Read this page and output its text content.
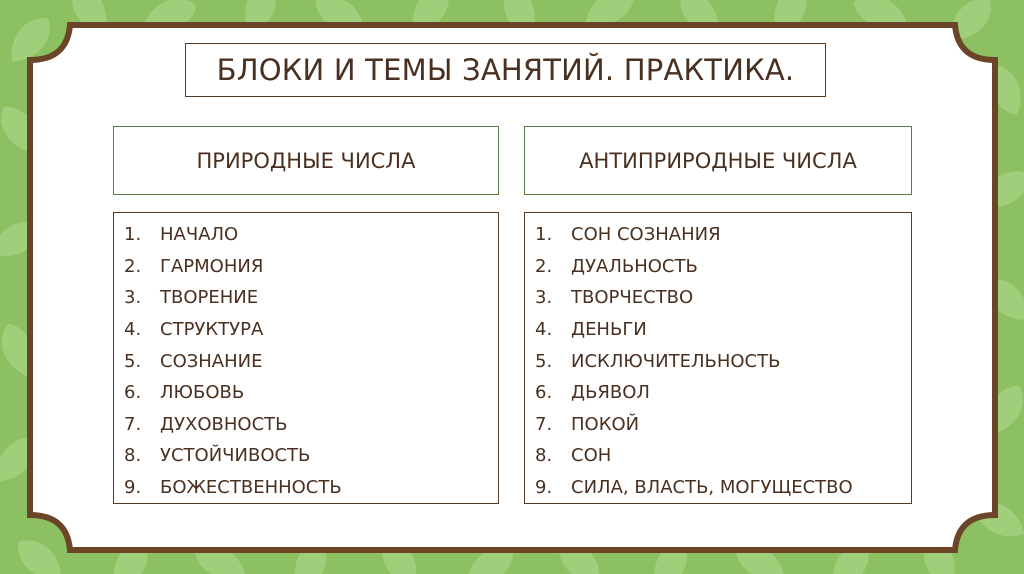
БЛОКИ И ТЕМЫ ЗАНЯТИЙ. ПРАКТИКА.
ПРИРОДНЫЕ ЧИСЛА	АНТИПРИРОДНЫЕ ЧИСЛА
1.	НАЧАЛО
2.	ГАРМОНИЯ
3.	ТВОРЕНИЕ
4.	СТРУКТУРА
5.	СОЗНАНИЕ
6.	ЛЮБОВЬ
7.	ДУХОВНОСТЬ
8.	УСТОЙЧИВОСТЬ
9.	БОЖЕСТВЕННОСТЬ
1.	СОН СОЗНАНИЯ
2.	ДУАЛЬНОСТЬ
3.	ТВОРЧЕСТВО
4.	ДЕНЬГИ
5.	ИСКЛЮЧИТЕЛЬНОСТЬ
6.	ДЬЯВОЛ
7.	ПОКОЙ
8.	СОН
9.	СИЛА, ВЛАСТЬ, МОГУЩЕСТВО
